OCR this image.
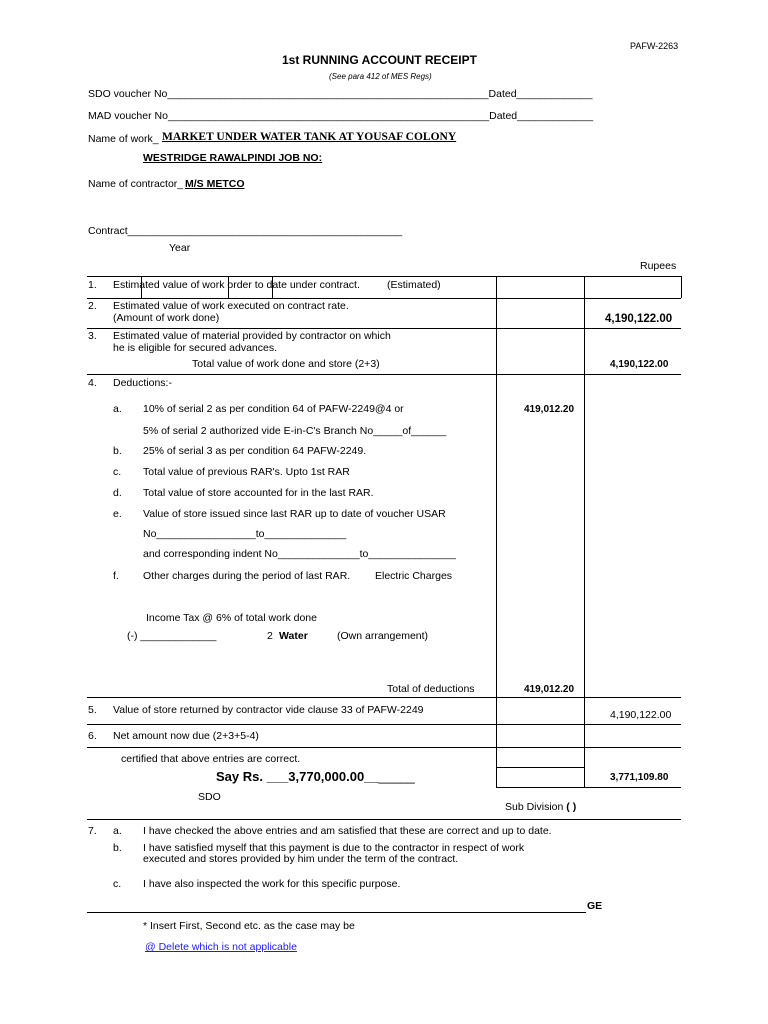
PAFW-2263
1st RUNNING ACCOUNT RECEIPT
(See para 412 of MES Regs)
SDO voucher No_______________________________________________________Dated_____________
MAD voucher No_______________________________________________________Dated_____________
Name of work_ MARKET UNDER WATER TANK AT YOUSAF COLONY
WESTRIDGE RAWALPINDI JOB NO:
Name of contractor_ M/S METCO
Contract_______________________________________________
Year
Rupees
1. Estimated value of work order to date under contract.	(Estimated)
2. Estimated value of work executed on contract rate.
(Amount of work done)	4,190,122.00
3. Estimated value of material provided by contractor on which
he is eligible for secured advances.
Total value of work done and store (2+3)	4,190,122.00
4. Deductions:-
a. 10% of serial 2 as per condition 64 of PAFW-2249@4 or	419,012.20
5% of serial 2 authorized vide E-in-C's Branch No_____of______
b. 25% of serial 3 as per condition 64 PAFW-2249.
c. Total value of previous RAR's. Upto 1st RAR
d. Total value of store accounted for in the last RAR.
e. Value of store issued since last RAR up to date of voucher USAR
No_________________to______________
and corresponding indent No______________to_______________
f. Other charges during the period of last RAR. Electric Charges
Income Tax @ 6% of total work done
(-) _____________	2 Water	(Own arrangement)
Total of deductions	419,012.20
5. Value of store returned by contractor vide clause 33 of PAFW-2249	4,190,122.00
6. Net amount now due (2+3+5-4)
certified that above entries are correct.
Say Rs. ___3,770,000.00_______	3,771,109.80
SDO
Sub Division ( )
7. a. I have checked the above entries and am satisfied that these are correct and up to date.
b. I have satisfied myself that this payment is due to the contractor in respect of work
executed and stores provided by him under the term of the contract.
c. I have also inspected the work for this specific purpose.
GE
* Insert First, Second etc. as the case may be
@ Delete which is not applicable
